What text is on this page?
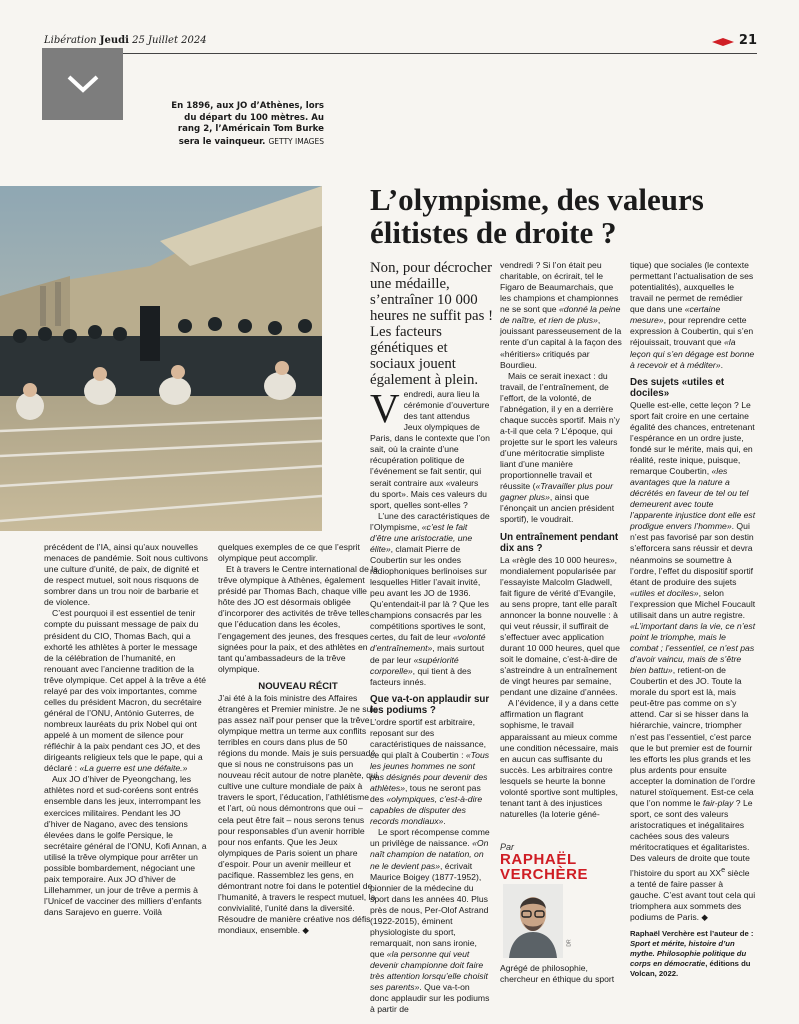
Libération Jeudi 25 Juillet 2024	21
En 1896, aux JO d’Athènes, lors du départ du 100 mètres. Au rang 2, l’Américain Tom Burke sera le vainqueur. GETTY IMAGES
L’olympisme, des valeurs élitistes de droite ?
Non, pour décrocher une médaille, s’entraîner 10 000 heures ne suffit pas ! Les facteurs génétiques et sociaux jouent également à plein.

Vendredi, aura lieu la cérémonie d’ouverture des tant attendus Jeux olympiques de Paris, dans le contexte que l’on sait, où la crainte d’une récupération politique de l’événement se fait sentir, qui serait contraire aux «valeurs du sport». Mais ces valeurs du sport, quelles sont-elles ?

L’une des caractéristiques de l’Olympisme, «c’est le fait d’être une aristocratie, une élite», clamait Pierre de Coubertin sur les ondes radiophoniques berlinoises sur lesquelles Hitler l’avait invité, peu avant les JO de 1936. Qu’entendait-il par là ? Que les champions consacrés par les compétitions sportives le sont, certes, du fait de leur «volonté d’entraînement», mais surtout de par leur «supériorité corporelle», qui tient à des facteurs innés.

Que va-t-on applaudir sur les podiums ?

L’ordre sportif est arbitraire, reposant sur des caractéristiques de naissance, ce qui plaît à Coubertin : «Tous les jeunes hommes ne sont pas désignés pour devenir des athlètes», tous ne seront pas des «olympiques, c’est-à-dire capables de disputer des records mondiaux».

Le sport récompense comme un privilège de naissance. «On naît champion de natation, on ne le devient pas», écrivait Maurice Boigey (1877-1952), pionnier de la médecine du sport dans les années 40. Plus près de nous, Per-Olof Astrand (1922-2015), éminent physiologiste du sport, remarquait, non sans ironie, que «la personne qui veut devenir championne doit faire très attention lorsqu’elle choisit ses parents». Que va-t-on donc applaudir sur les podiums à partir de

vendredi ? Si l’on était peu charitable, on écrirait, tel le Figaro de Beaumarchais, que les champions et championnes ne se sont que «donné la peine de naître, et rien de plus», jouissant paresseusement de la rente d’un capital à la façon des «héritiers» critiqués par Bourdieu.

Mais ce serait inexact : du travail, de l’entraînement, de l’effort, de la volonté, de l’abnégation, il y en a derrière chaque succès sportif. Mais n’y a-t-il que cela ? L’époque, qui projette sur le sport les valeurs d’une méritocratie simpliste liant d’une manière proportionnelle travail et réussite («Travailler plus pour gagner plus», ainsi que l’énonçait un ancien président sportif), le voudrait.

Un entraînement pendant dix ans ?

La «règle des 10 000 heures», mondialement popularisée par l’essayiste Malcolm Gladwell, fait figure de vérité d’Evangile, au sens propre, tant elle paraît annoncer la bonne nouvelle : à qui veut réussir, il suffirait de s’effectuer avec application durant 10 000 heures, quel que soit le domaine, c’est-à-dire de s’astreindre à un entraînement de vingt heures par semaine, pendant une dizaine d’années.

A l’évidence, il y a dans cette affirmation un flagrant sophisme, le travail apparaissant au mieux comme une condition nécessaire, mais en aucun cas suffisante du succès. Les arbitraires contre lesquels se heurte la bonne volonté sportive sont multiples, tenant tant à des injustices naturelles (la loterie géné-

Par
RAPHAËL
VERCHÈRE
DR
Agrégé de philosophie, chercheur en éthique du sport

tique) que sociales (le contexte permettant l’actualisation de ses potentialités), auxquelles le travail ne permet de remédier que dans une «certaine mesure», pour reprendre cette expression à Coubertin, qui s’en réjouissait, trouvant que «la leçon qui s’en dégage est bonne à recevoir et à méditer».

Des sujets «utiles et dociles»

Quelle est-elle, cette leçon ? Le sport fait croire en une certaine égalité des chances, entretenant l’espérance en un ordre juste, fondé sur le mérite, mais qui, en réalité, reste inique, puisque, remarque Coubertin, «les avantages que la nature a décrétés en faveur de tel ou tel demeurent avec toute l’apparente injustice dont elle est prodigue envers l’homme». Qui n’est pas favorisé par son destin s’efforcera sans réussir et devra néanmoins se soumettre à l’ordre, l’effet du dispositif sportif étant de produire des sujets «utiles et dociles», selon l’expression que Michel Foucault utilisait dans un autre registre. «L’important dans la vie, ce n’est point le triomphe, mais le combat ; l’essentiel, ce n’est pas d’avoir vaincu, mais de s’être bien battu», retient-on de Coubertin et des JO. Toute la morale du sport est là, mais peut-être pas comme on s’y attend. Car si se hisser dans la hiérarchie, vaincre, triompher n’est pas l’essentiel, c’est parce que le but premier est de fournir les efforts les plus grands et les plus ardents pour ensuite accepter la domination de l’ordre naturel stoïquement. Est-ce cela que l’on nomme le fair-play ? Le sport, ce sont des valeurs aristocratiques et inégalitaires cachées sous des valeurs méritocratiques et égalitaristes. Des valeurs de droite que toute l’histoire du sport au XXe siècle a tenté de faire passer à gauche. C’est avant tout cela qui triomphera aux sommets des podiums de Paris. ◆

Raphaël Verchère est l’auteur de : Sport et mérite, histoire d’un mythe. Philosophie politique du corps en démocratie, éditions du Volcan, 2022.

précédent de l’IA, ainsi qu’aux nouvelles menaces de pandémie. Soit nous cultivons une culture d’unité, de paix, de dignité et de respect mutuel, soit nous risquons de sombrer dans un trou noir de barbarie et de violence.

C’est pourquoi il est essentiel de tenir compte du puissant message de paix du président du CIO, Thomas Bach, qui a exhorté les athlètes à porter le message de la célébration de l’humanité, en renouant avec l’ancienne tradition de la trêve olympique. Cet appel à la trêve a été relayé par des voix importantes, comme celles du président Macron, du secrétaire général de l’ONU, António Guterres, de nombreux lauréats du prix Nobel qui ont appelé à un moment de silence pour réfléchir à la paix pendant ces JO, et des dirigeants religieux tels que le pape, qui a déclaré : «La guerre est une défaite.»

Aux JO d’hiver de Pyeongchang, les athlètes nord et sud-coréens sont entrés ensemble dans les jeux, interrompant les exercices militaires. Pendant les JO d’hiver de Nagano, avec des tensions élevées dans le golfe Persique, le secrétaire général de l’ONU, Kofi Annan, a utilisé la trêve olympique pour arrêter un possible bombardement, négociant une paix temporaire. Aux JO d’hiver de Lillehammer, un jour de trêve a permis à l’Unicef de vacciner des milliers d’enfants dans Sarajevo en guerre. Voilà

quelques exemples de ce que l’esprit olympique peut accomplir.

Et à travers le Centre international de la trêve olympique à Athènes, également présidé par Thomas Bach, chaque ville hôte des JO est désormais obligée d’incorporer des activités de trêve telles que l’éducation dans les écoles, l’engagement des jeunes, des fresques signées pour la paix, et des athlètes en tant qu’ambassadeurs de la trêve olympique.

NOUVEAU RÉCIT

J’ai été à la fois ministre des Affaires étrangères et Premier ministre. Je ne suis pas assez naïf pour penser que la trêve olympique mettra un terme aux conflits terribles en cours dans plus de 50 régions du monde. Mais je suis persuadé que si nous ne construisons pas un nouveau récit autour de notre planète, qui cultive une culture mondiale de paix à travers le sport, l’éducation, l’athlétisme et l’art, où nous démontrons que oui – cela peut être fait – nous serons tenus pour responsables d’un avenir horrible pour nos enfants. Que les Jeux olympiques de Paris soient un phare d’espoir. Pour un avenir meilleur et pacifique. Rassemblez les gens, en démontrant notre foi dans le potentiel de l’humanité, à travers le respect mutuel, la convivialité, l’unité dans la diversité. Résoudre de manière créative nos défis mondiaux, ensemble. ◆
